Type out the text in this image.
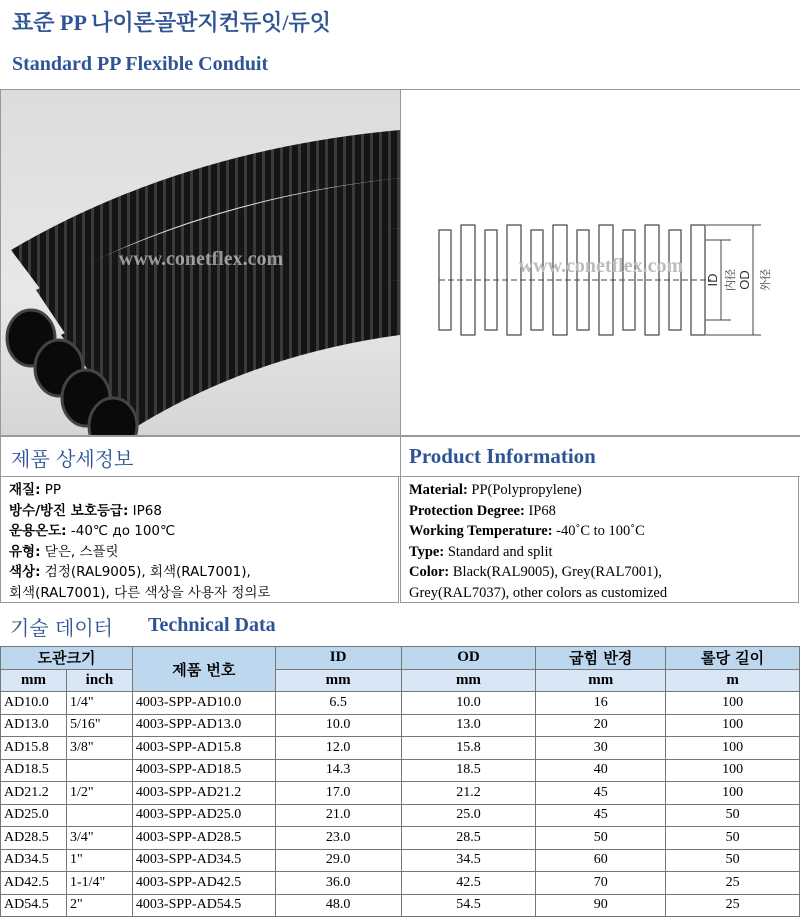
표준 PP 나이론골판지컨듀잇/듀잇
Standard PP Flexible Conduit
www.conetflex.com	www.conetflex.com
ID 内径 OD 外径
제품 상세정보	Product Information
재질: PP
방수/방진 보호등급: IP68
운용온도: -40℃ до 100℃
유형: 닫은, 스플릿
색상: 검정(RAL9005), 회색(RAL7001),
회색(RAL7001), 다른 색상을 사용자 정의로
Material: PP(Polypropylene)
Protection Degree: IP68
Working Temperature: -40˚C to 100˚C
Type: Standard and split
Color: Black(RAL9005), Grey(RAL7001),
Grey(RAL7037), other colors as customized
기술 데이터 Technical Data
도관크기		제품 번호	ID	OD	굽힘 반경	롤당 길이
mm	inch		mm	mm	mm	m
AD10.0	1/4"	4003-SPP-AD10.0	6.5	10.0	16	100
AD13.0	5/16"	4003-SPP-AD13.0	10.0	13.0	20	100
AD15.8	3/8"	4003-SPP-AD15.8	12.0	15.8	30	100
AD18.5		4003-SPP-AD18.5	14.3	18.5	40	100
AD21.2	1/2"	4003-SPP-AD21.2	17.0	21.2	45	100
AD25.0		4003-SPP-AD25.0	21.0	25.0	45	50
AD28.5	3/4"	4003-SPP-AD28.5	23.0	28.5	50	50
AD34.5	1"	4003-SPP-AD34.5	29.0	34.5	60	50
AD42.5	1-1/4"	4003-SPP-AD42.5	36.0	42.5	70	25
AD54.5	2"	4003-SPP-AD54.5	48.0	54.5	90	25
